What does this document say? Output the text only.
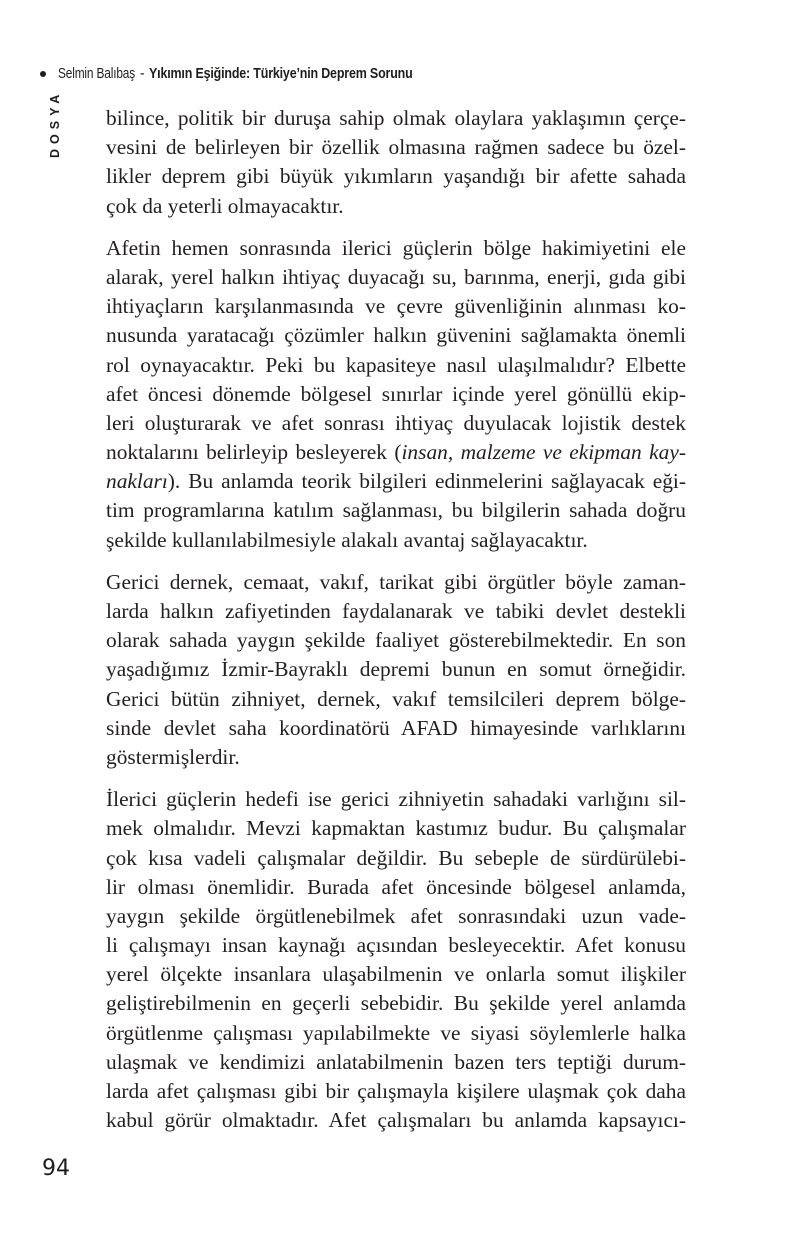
Selmin Balıbaş - Yıkımın Eşiğinde: Türkiye’nin Deprem Sorunu
DOSYA bilince, politik bir duruşa sahip olmak olaylara yaklaşımın çerçe-
vesini de belirleyen bir özellik olmasına rağmen sadece bu özel-
likler deprem gibi büyük yıkımların yaşandığı bir afette sahada
çok da yeterli olmayacaktır.
Afetin hemen sonrasında ilerici güçlerin bölge hakimiyetini ele
alarak, yerel halkın ihtiyaç duyacağı su, barınma, enerji, gıda gibi
ihtiyaçların karşılanmasında ve çevre güvenliğinin alınması ko-
nusunda yaratacağı çözümler halkın güvenini sağlamakta önemli
rol oynayacaktır. Peki bu kapasiteye nasıl ulaşılmalıdır? Elbette
afet öncesi dönemde bölgesel sınırlar içinde yerel gönüllü ekip-
leri oluşturarak ve afet sonrası ihtiyaç duyulacak lojistik destek
noktalarını belirleyip besleyerek (insan, malzeme ve ekipman kay-
nakları). Bu anlamda teorik bilgileri edinmelerini sağlayacak eği-
tim programlarına katılım sağlanması, bu bilgilerin sahada doğru
şekilde kullanılabilmesiyle alakalı avantaj sağlayacaktır.
Gerici dernek, cemaat, vakıf, tarikat gibi örgütler böyle zaman-
larda halkın zafiyetinden faydalanarak ve tabiki devlet destekli
olarak sahada yaygın şekilde faaliyet gösterebilmektedir. En son
yaşadığımız İzmir-Bayraklı depremi bunun en somut örneğidir.
Gerici bütün zihniyet, dernek, vakıf temsilcileri deprem bölge-
sinde devlet saha koordinatörü AFAD himayesinde varlıklarını
göstermişlerdir.
İlerici güçlerin hedefi ise gerici zihniyetin sahadaki varlığını sil-
mek olmalıdır. Mevzi kapmaktan kastımız budur. Bu çalışmalar
çok kısa vadeli çalışmalar değildir. Bu sebeple de sürdürülebi-
lir olması önemlidir. Burada afet öncesinde bölgesel anlamda,
yaygın şekilde örgütlenebilmek afet sonrasındaki uzun vade-
li çalışmayı insan kaynağı açısından besleyecektir. Afet konusu
yerel ölçekte insanlara ulaşabilmenin ve onlarla somut ilişkiler
geliştirebilmenin en geçerli sebebidir. Bu şekilde yerel anlamda
örgütlenme çalışması yapılabilmekte ve siyasi söylemlerle halka
ulaşmak ve kendimizi anlatabilmenin bazen ters teptiği durum-
larda afet çalışması gibi bir çalışmayla kişilere ulaşmak çok daha
kabul görür olmaktadır. Afet çalışmaları bu anlamda kapsayıcı-
94
